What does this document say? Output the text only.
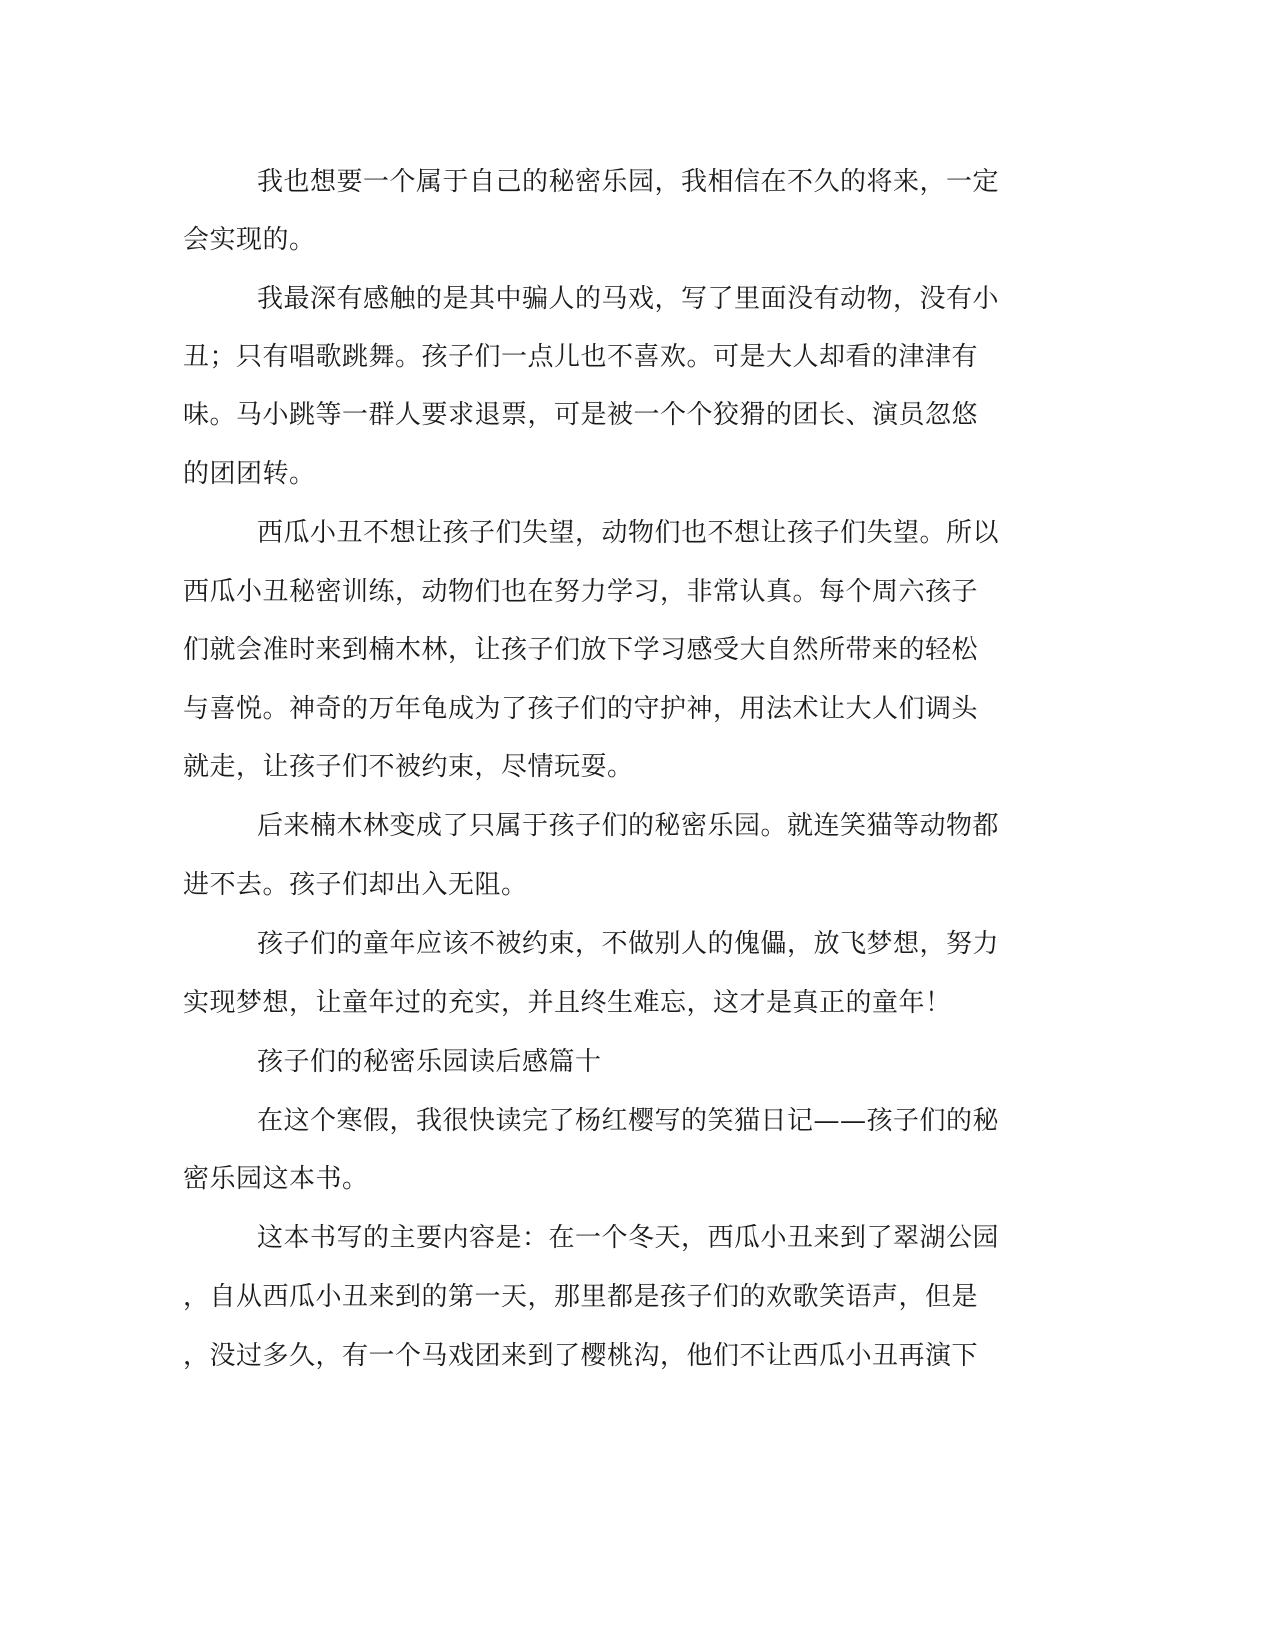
我也想要一个属于自己的秘密乐园，我相信在不久的将来，一定

会实现的。

我最深有感触的是其中骗人的马戏，写了里面没有动物，没有小

丑；只有唱歌跳舞。孩子们一点儿也不喜欢。可是大人却看的津津有

味。马小跳等一群人要求退票，可是被一个个狡猾的团长、演员忽悠

的团团转。

西瓜小丑不想让孩子们失望，动物们也不想让孩子们失望。所以

西瓜小丑秘密训练，动物们也在努力学习，非常认真。每个周六孩子

们就会准时来到楠木林，让孩子们放下学习感受大自然所带来的轻松

与喜悦。神奇的万年龟成为了孩子们的守护神，用法术让大人们调头

就走，让孩子们不被约束，尽情玩耍。

后来楠木林变成了只属于孩子们的秘密乐园。就连笑猫等动物都

进不去。孩子们却出入无阻。

孩子们的童年应该不被约束，不做别人的傀儡，放飞梦想，努力

实现梦想，让童年过的充实，并且终生难忘，这才是真正的童年！

孩子们的秘密乐园读后感篇十

在这个寒假，我很快读完了杨红樱写的笑猫日记——孩子们的秘

密乐园这本书。

这本书写的主要内容是：在一个冬天，西瓜小丑来到了翠湖公园

，自从西瓜小丑来到的第一天，那里都是孩子们的欢歌笑语声，但是

，没过多久，有一个马戏团来到了樱桃沟，他们不让西瓜小丑再演下
